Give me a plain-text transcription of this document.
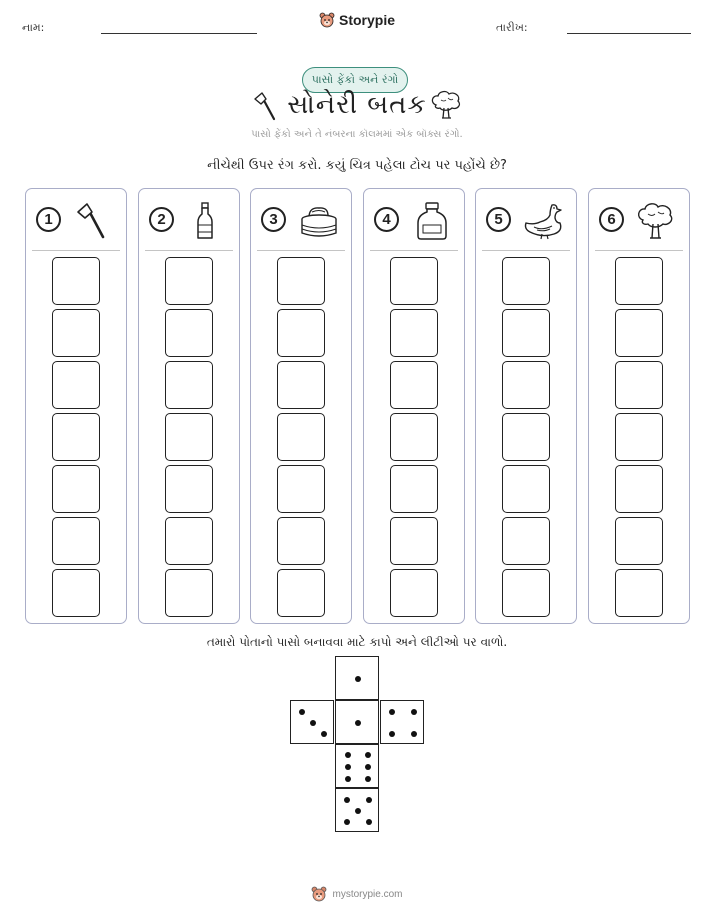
નામ:	Storypie	તારીખ:
પાસો ફેંકો અને રંગો
સોનેરી બતક
પાસો ફેંકો અને તે નંબરના કૉલમમાં એક બૉક્સ રંગો.
નીચેથી ઉપર રંગ કરો. કયું ચિત્ર પહેલા ટોચ પર પહોંચે છે?
1	2	3	4	5	6
તમારો પોતાનો પાસો બનાવવા માટે કાપો અને લીટીઓ પર વાળો.
mystorypie.com
